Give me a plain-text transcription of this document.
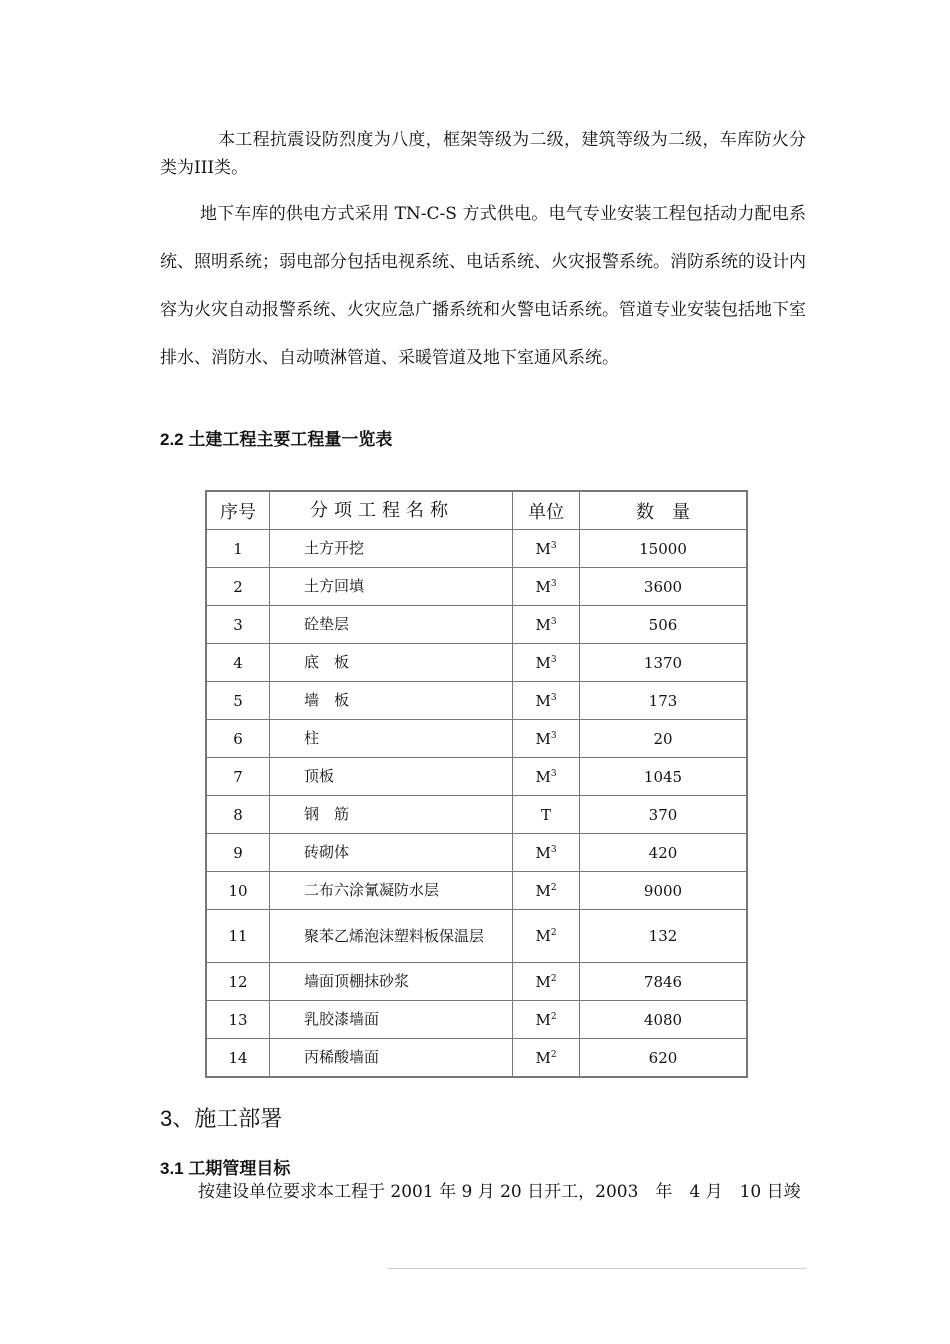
本工程抗震设防烈度为八度，框架等级为二级，建筑等级为二级，车库防火分类为III类。

地下车库的供电方式采用 TN-C-S 方式供电。电气专业安装工程包括动力配电系统、照明系统；弱电部分包括电视系统、电话系统、火灾报警系统。消防系统的设计内容为火灾自动报警系统、火灾应急广播系统和火警电话系统。管道专业安装包括地下室排水、消防水、自动喷淋管道、采暖管道及地下室通风系统。

2.2 土建工程主要工程量一览表
序号	分项工程名称	单位	数　量
1	土方开挖	$M^3$	15000
2	土方回填	$M^3$	3600
3	砼垫层	$M^3$	506
4	底　板	$M^3$	1370
5	墙　板	$M^3$	173
6	柱	$M^3$	20
7	顶板	$M^3$	1045
8	钢　筋	T	370
9	砖砌体	$M^3$	420
10	二布六涂氰凝防水层	$M^2$	9000
11	聚苯乙烯泡沫塑料板保温层	$M^2$	132
12	墙面顶棚抹砂浆	$M^2$	7846
13	乳胶漆墙面	$M^2$	4080
14	丙稀酸墙面	$M^2$	620
3、施工部署
3.1 工期管理目标

按建设单位要求本工程于 2001 年 9 月 20 日开工，2003　年　4 月　10 日竣
